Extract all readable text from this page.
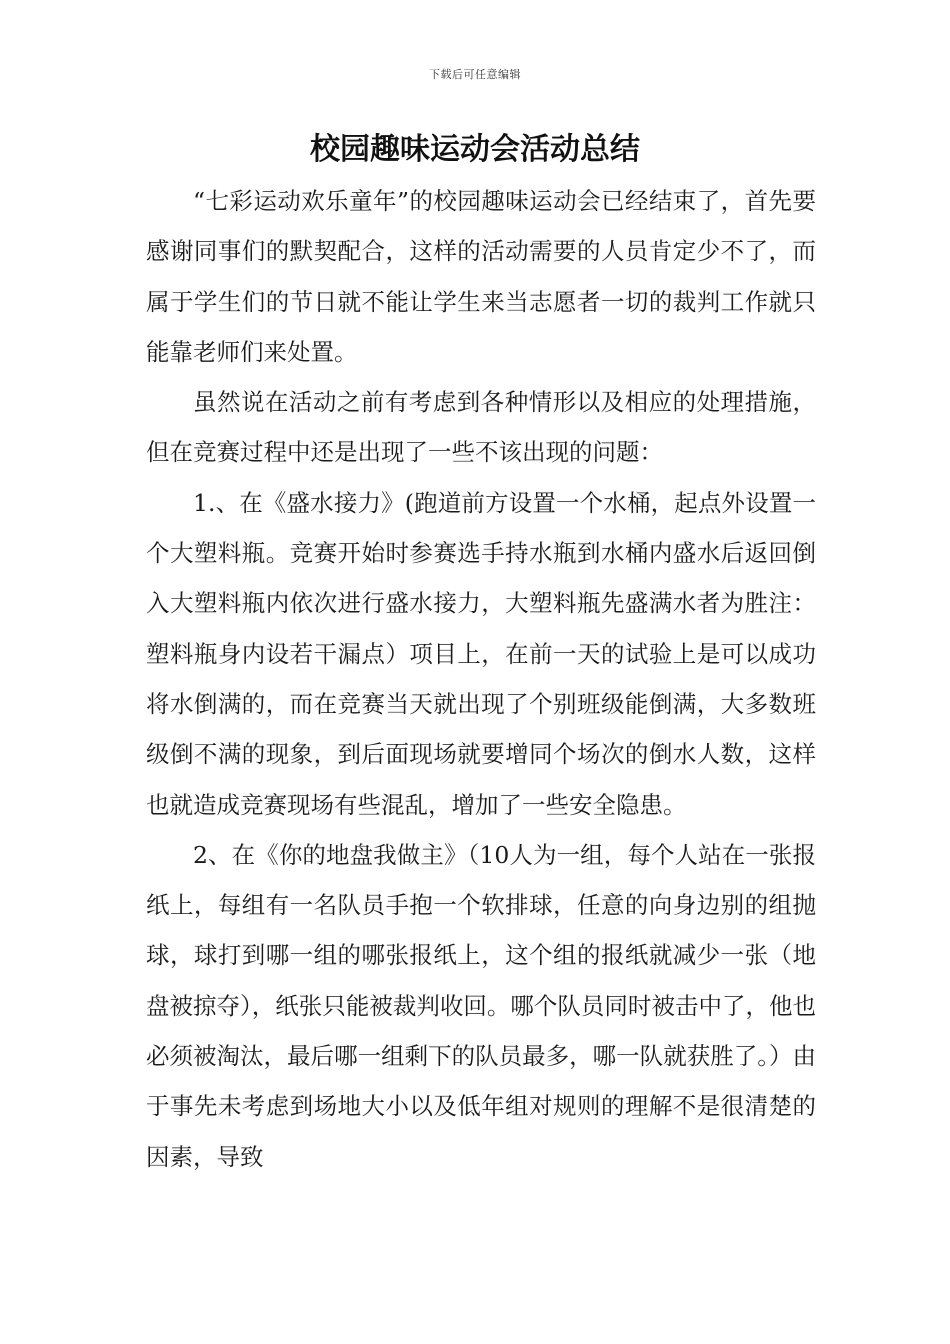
下载后可任意编辑
校园趣味运动会活动总结

“七彩运动欢乐童年”的校园趣味运动会已经结束了，首先要感谢同事们的默契配合，这样的活动需要的人员肯定少不了，而属于学生们的节日就不能让学生来当志愿者一切的裁判工作就只能靠老师们来处置。

虽然说在活动之前有考虑到各种情形以及相应的处理措施，但在竞赛过程中还是出现了一些不该出现的问题：

1.、在《盛水接力》(跑道前方设置一个水桶，起点外设置一个大塑料瓶。竞赛开始时参赛选手持水瓶到水桶内盛水后返回倒入大塑料瓶内依次进行盛水接力，大塑料瓶先盛满水者为胜注：塑料瓶身内设若干漏点）项目上，在前一天的试验上是可以成功将水倒满的，而在竞赛当天就出现了个别班级能倒满，大多数班级倒不满的现象，到后面现场就要增同个场次的倒水人数，这样也就造成竞赛现场有些混乱，增加了一些安全隐患。

2、在《你的地盘我做主》（10人为一组，每个人站在一张报纸上，每组有一名队员手抱一个软排球，任意的向身边别的组抛球，球打到哪一组的哪张报纸上，这个组的报纸就减少一张（地盘被掠夺），纸张只能被裁判收回。哪个队员同时被击中了，他也必须被淘汰，最后哪一组剩下的队员最多，哪一队就获胜了。）由于事先未考虑到场地大小以及低年组对规则的理解不是很清楚的因素，导致
